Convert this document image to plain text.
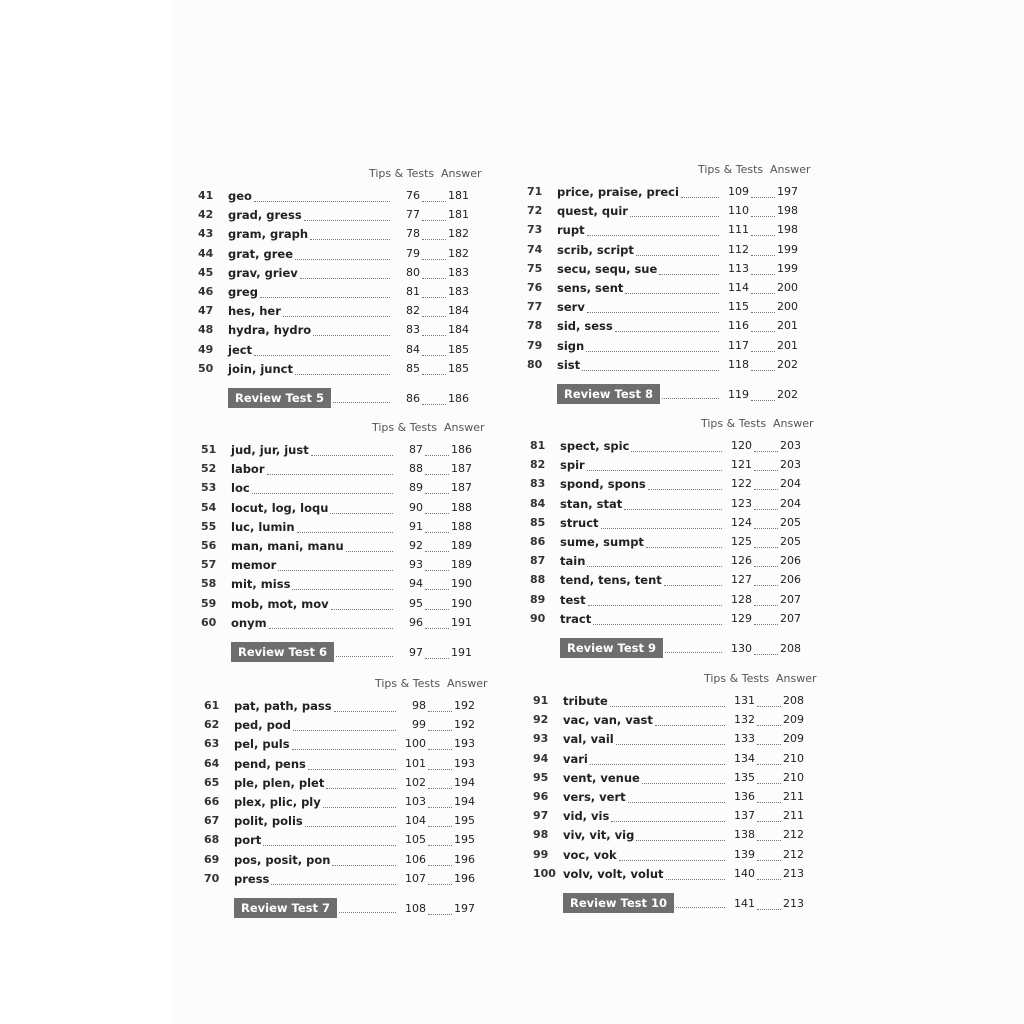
Tips & Tests Answer
41	geo	76	181
42	grad, gress	77	181
43	gram, graph	78	182
44	grat, gree	79	182
45	grav, griev	80	183
46	greg	81	183
47	hes, her	82	184
48	hydra, hydro	83	184
49	ject	84	185
50	join, junct	85	185
Review Test 5	86	186
Tips & Tests Answer
71	price, praise, preci	109	197
72	quest, quir	110	198
73	rupt	111	198
74	scrib, script	112	199
75	secu, sequ, sue	113	199
76	sens, sent	114	200
77	serv	115	200
78	sid, sess	116	201
79	sign	117	201
80	sist	118	202
Review Test 8	119	202
Tips & Tests Answer
51	jud, jur, just	87	186
52	labor	88	187
53	loc	89	187
54	locut, log, loqu	90	188
55	luc, lumin	91	188
56	man, mani, manu	92	189
57	memor	93	189
58	mit, miss	94	190
59	mob, mot, mov	95	190
60	onym	96	191
Review Test 6	97	191
Tips & Tests Answer
81	spect, spic	120	203
82	spir	121	203
83	spond, spons	122	204
84	stan, stat	123	204
85	struct	124	205
86	sume, sumpt	125	205
87	tain	126	206
88	tend, tens, tent	127	206
89	test	128	207
90	tract	129	207
Review Test 9	130	208
Tips & Tests Answer
61	pat, path, pass	98	192
62	ped, pod	99	192
63	pel, puls	100	193
64	pend, pens	101	193
65	ple, plen, plet	102	194
66	plex, plic, ply	103	194
67	polit, polis	104	195
68	port	105	195
69	pos, posit, pon	106	196
70	press	107	196
Review Test 7	108	197
Tips & Tests Answer
91	tribute	131	208
92	vac, van, vast	132	209
93	val, vail	133	209
94	vari	134	210
95	vent, venue	135	210
96	vers, vert	136	211
97	vid, vis	137	211
98	viv, vit, vig	138	212
99	voc, vok	139	212
100 volv, volt, volut	140	213
Review Test 10	141	213
